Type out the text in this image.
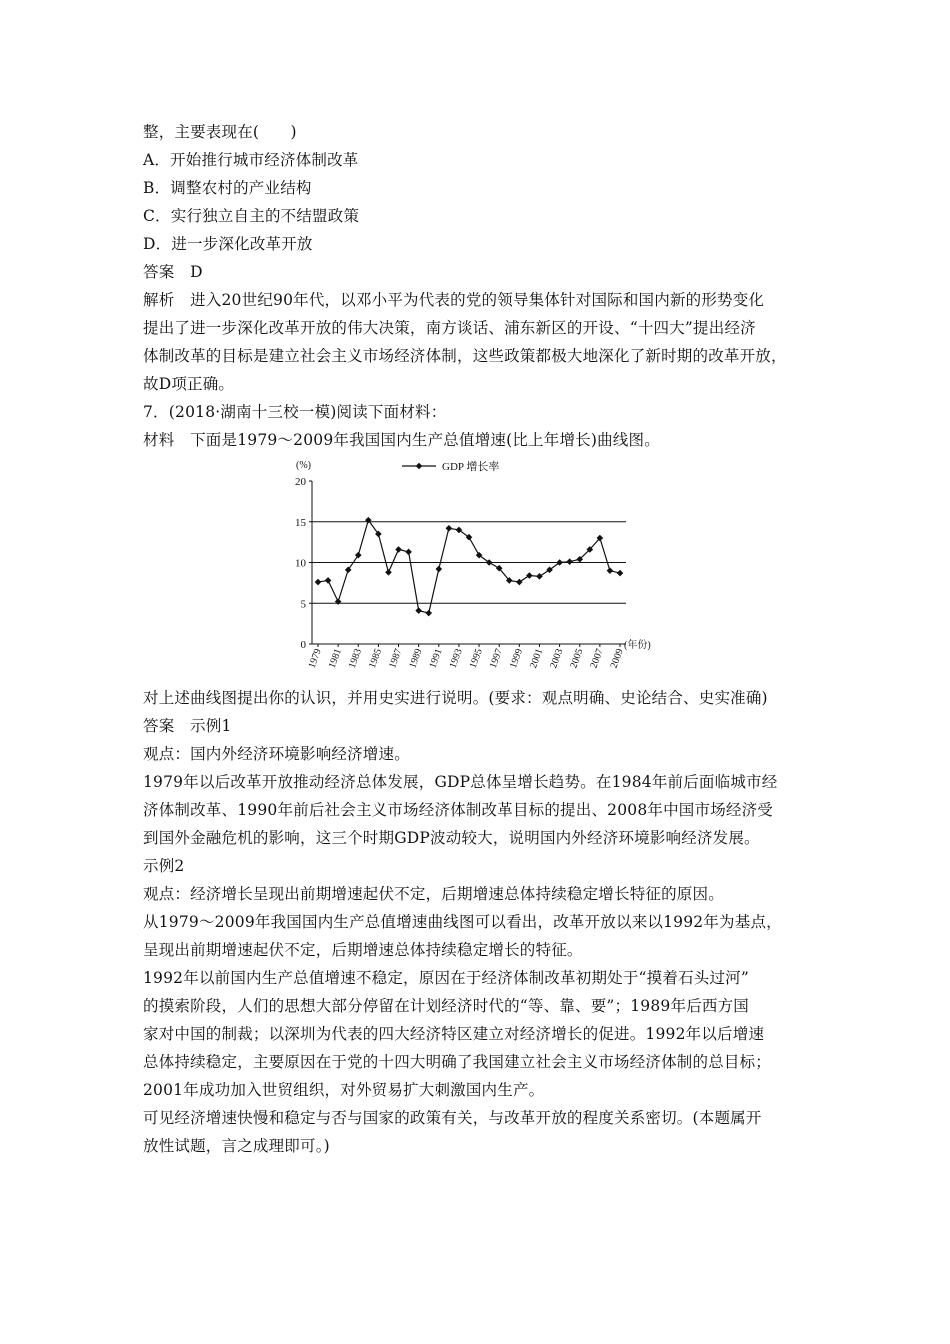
整，主要表现在(　　)
A．开始推行城市经济体制改革
B．调整农村的产业结构
C．实行独立自主的不结盟政策
D．进一步深化改革开放
答案　D
解析　进入20世纪90年代，以邓小平为代表的党的领导集体针对国际和国内新的形势变化
提出了进一步深化改革开放的伟大决策，南方谈话、浦东新区的开设、“十四大”提出经济
体制改革的目标是建立社会主义市场经济体制，这些政策都极大地深化了新时期的改革开放，
故D项正确。
7．(2018·湖南十三校一模)阅读下面材料：
材料　下面是1979～2009年我国国内生产总值增速(比上年增长)曲线图。
0
5
10
15
20
(%)
1979 1981 1983 1985 1987 1989 1991 1993 1995 1997 1999 2001 2003 2005 2007 2009
(年份)
GDP 增长率
对上述曲线图提出你的认识，并用史实进行说明。(要求：观点明确、史论结合、史实准确)
答案　示例1
观点：国内外经济环境影响经济增速。
1979年以后改革开放推动经济总体发展，GDP总体呈增长趋势。在1984年前后面临城市经
济体制改革、1990年前后社会主义市场经济体制改革目标的提出、2008年中国市场经济受
到国外金融危机的影响，这三个时期GDP波动较大，说明国内外经济环境影响经济发展。
示例2
观点：经济增长呈现出前期增速起伏不定，后期增速总体持续稳定增长特征的原因。
从1979～2009年我国国内生产总值增速曲线图可以看出，改革开放以来以1992年为基点，
呈现出前期增速起伏不定，后期增速总体持续稳定增长的特征。
1992年以前国内生产总值增速不稳定，原因在于经济体制改革初期处于“摸着石头过河”
的摸索阶段，人们的思想大部分停留在计划经济时代的“等、靠、要”；1989年后西方国
家对中国的制裁；以深圳为代表的四大经济特区建立对经济增长的促进。1992年以后增速
总体持续稳定，主要原因在于党的十四大明确了我国建立社会主义市场经济体制的总目标；
2001年成功加入世贸组织，对外贸易扩大刺激国内生产。
可见经济增速快慢和稳定与否与国家的政策有关，与改革开放的程度关系密切。(本题属开
放性试题，言之成理即可。)
